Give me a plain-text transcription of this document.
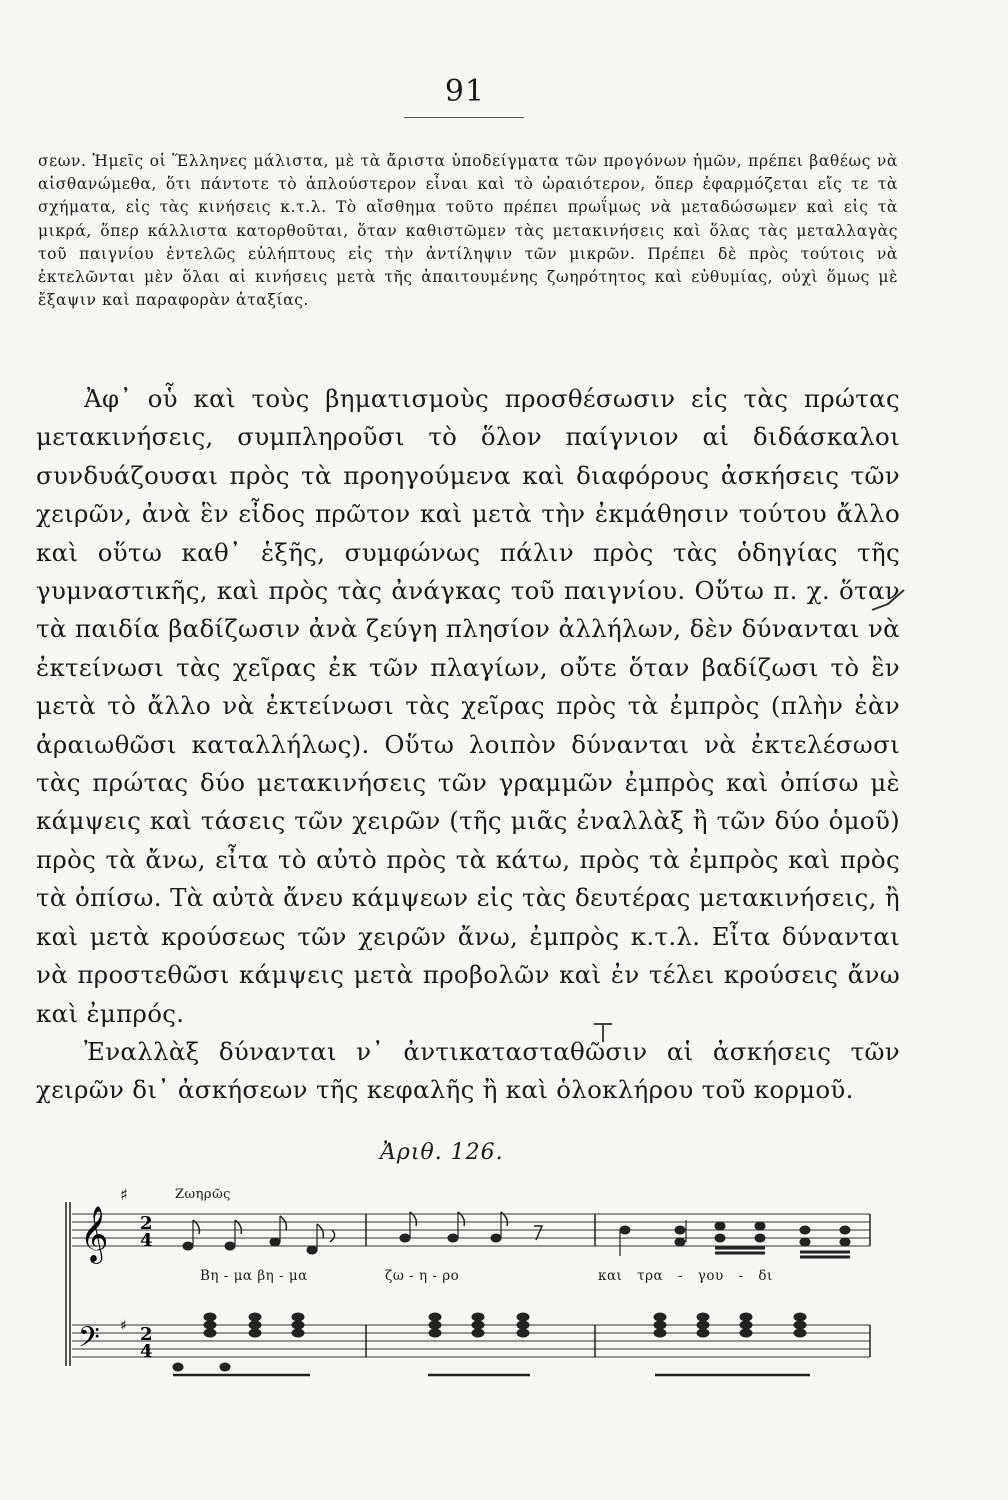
91

σεων. Ἡμεῖς οἱ Ἕλληνες μάλιστα, μὲ τὰ ἄριστα ὑποδείγματα τῶν προγόνων ἡμῶν, πρέπει βαθέως νὰ αἰσθανώμεθα, ὅτι πάντοτε τὸ ἁπλούστερον εἶναι καὶ τὸ ὡραιότερον, ὅπερ ἐφαρμόζεται εἴς τε τὰ σχήματα, εἰς τὰς κινήσεις κ.τ.λ. Τὸ αἴσθημα τοῦτο πρέπει πρωΐμως νὰ μεταδώσωμεν καὶ εἰς τὰ μικρά, ὅπερ κάλλιστα κατορθοῦται, ὅταν καθιστῶμεν τὰς μετακινήσεις καὶ ὅλας τὰς μεταλλαγὰς τοῦ παιγνίου ἐντελῶς εὐλήπτους εἰς τὴν ἀντίληψιν τῶν μικρῶν. Πρέπει δὲ πρὸς τούτοις νὰ ἐκτελῶνται μὲν ὅλαι αἱ κινήσεις μετὰ τῆς ἀπαιτουμένης ζωηρότητος καὶ εὐθυμίας, οὐχὶ ὅμως μὲ ἔξαψιν καὶ παραφορὰν ἀταξίας.

Ἀφ᾽ οὗ καὶ τοὺς βηματισμοὺς προσθέσωσιν εἰς τὰς πρώτας μετακινήσεις, συμπληροῦσι τὸ ὅλον παίγνιον αἱ διδάσκαλοι συνδυάζουσαι πρὸς τὰ προηγούμενα καὶ διαφόρους ἀσκήσεις τῶν χειρῶν, ἀνὰ ἓν εἶδος πρῶτον καὶ μετὰ τὴν ἐκμάθησιν τούτου ἄλλο καὶ οὕτω καθ᾽ ἑξῆς, συμφώνως πάλιν πρὸς τὰς ὁδηγίας τῆς γυμναστικῆς, καὶ πρὸς τὰς ἀνάγκας τοῦ παιγνίου. Οὕτω π. χ. ὅταν τὰ παιδία βαδίζωσιν ἀνὰ ζεύγη πλησίον ἀλλήλων, δὲν δύνανται νὰ ἐκτείνωσι τὰς χεῖρας ἐκ τῶν πλαγίων, οὔτε ὅταν βαδίζωσι τὸ ἓν μετὰ τὸ ἄλλο νὰ ἐκτείνωσι τὰς χεῖρας πρὸς τὰ ἐμπρὸς (πλὴν ἐὰν ἀραιωθῶσι καταλλήλως). Οὕτω λοιπὸν δύνανται νὰ ἐκτελέσωσι τὰς πρώτας δύο μετακινήσεις τῶν γραμμῶν ἐμπρὸς καὶ ὀπίσω μὲ κάμψεις καὶ τάσεις τῶν χειρῶν (τῆς μιᾶς ἐναλλὰξ ἢ τῶν δύο ὁμοῦ) πρὸς τὰ ἄνω, εἶτα τὸ αὐτὸ πρὸς τὰ κάτω, πρὸς τὰ ἐμπρὸς καὶ πρὸς τὰ ὀπίσω. Τὰ αὐτὰ ἄνευ κάμψεων εἰς τὰς δευτέρας μετακινήσεις, ἢ καὶ μετὰ κρούσεως τῶν χειρῶν ἄνω, ἐμπρὸς κ.τ.λ. Εἶτα δύνανται νὰ προστεθῶσι κάμψεις μετὰ προβολῶν καὶ ἐν τέλει κρούσεις ἄνω καὶ ἐμπρός.

Ἐναλλὰξ δύνανται ν᾽ ἀντικατασταθῶσιν αἱ ἀσκήσεις τῶν χειρῶν δι᾽ ἀσκήσεων τῆς κεφαλῆς ἢ καὶ ὁλοκλήρου τοῦ κορμοῦ.

Ἀριθ. 126.
Ζωηρῶς
𝄞
𝄢
♯
♯
2
4
2
4
Βη - μα βη - μα	ζω - η - ρο	και τρα - γου - δι
